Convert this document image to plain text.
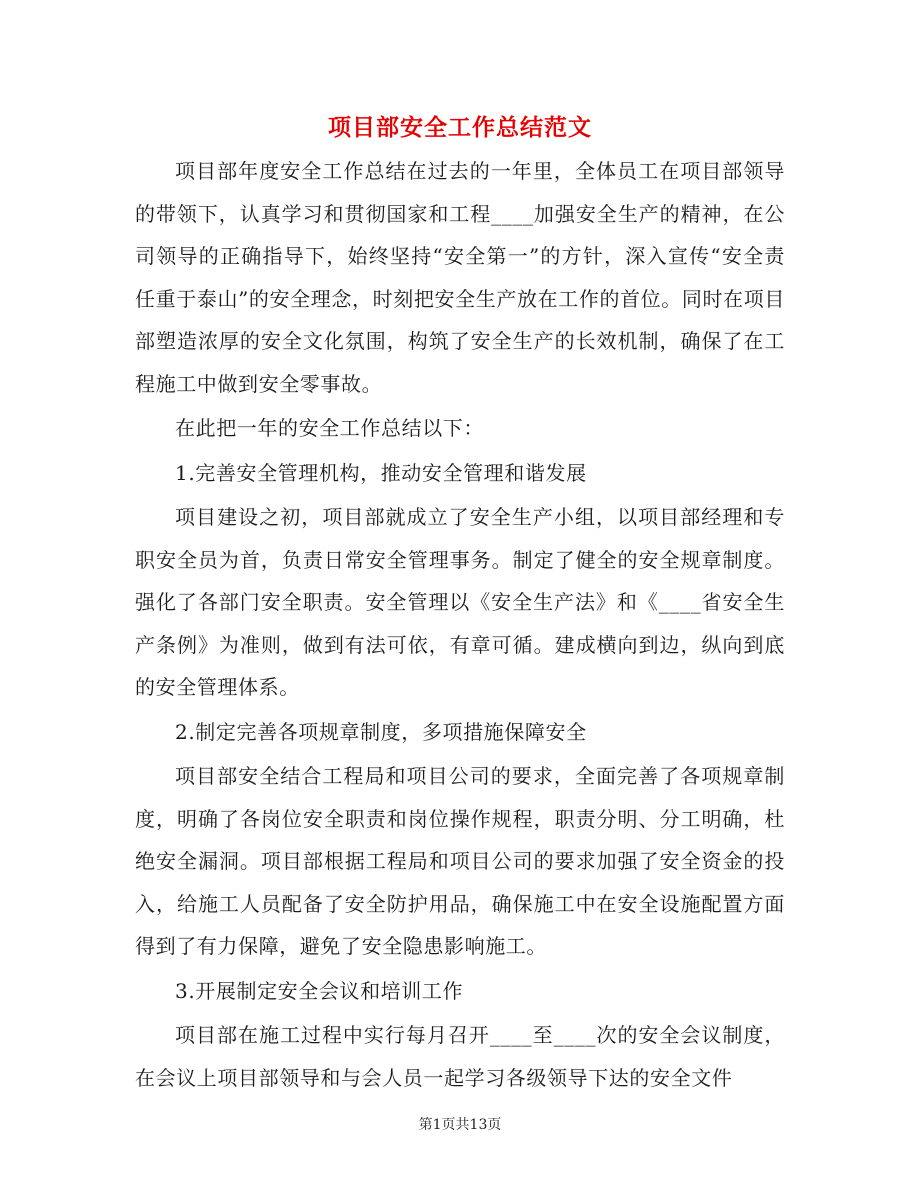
项目部安全工作总结范文

项目部年度安全工作总结在过去的一年里，全体员工在项目部领导的带领下，认真学习和贯彻国家和工程____加强安全生产的精神，在公司领导的正确指导下，始终坚持“安全第一”的方针，深入宣传“安全责任重于泰山”的安全理念，时刻把安全生产放在工作的首位。同时在项目部塑造浓厚的安全文化氛围，构筑了安全生产的长效机制，确保了在工程施工中做到安全零事故。

在此把一年的安全工作总结以下：

1.完善安全管理机构，推动安全管理和谐发展

项目建设之初，项目部就成立了安全生产小组，以项目部经理和专职安全员为首，负责日常安全管理事务。制定了健全的安全规章制度。强化了各部门安全职责。安全管理以《安全生产法》和《____省安全生产条例》为准则，做到有法可依，有章可循。建成横向到边，纵向到底的安全管理体系。

2.制定完善各项规章制度，多项措施保障安全

项目部安全结合工程局和项目公司的要求，全面完善了各项规章制度，明确了各岗位安全职责和岗位操作规程，职责分明、分工明确，杜绝安全漏洞。项目部根据工程局和项目公司的要求加强了安全资金的投入，给施工人员配备了安全防护用品，确保施工中在安全设施配置方面得到了有力保障，避免了安全隐患影响施工。

3.开展制定安全会议和培训工作

项目部在施工过程中实行每月召开____至____次的安全会议制度，在会议上项目部领导和与会人员一起学习各级领导下达的安全文件

第1页共13页
